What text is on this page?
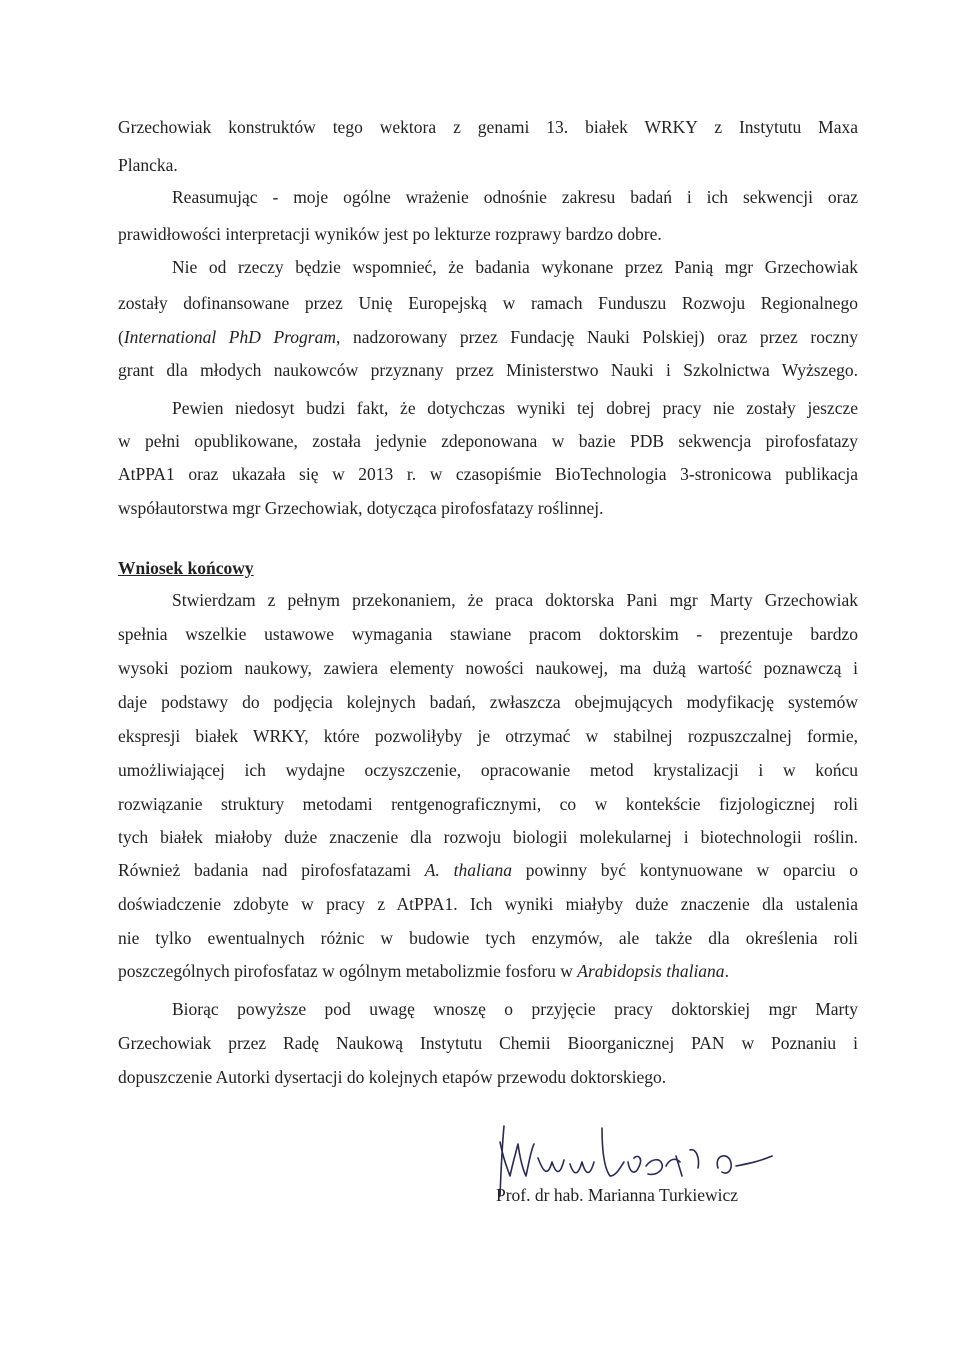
Grzechowiak konstruktów tego wektora z genami 13. białek WRKY z Instytutu Maxa
Plancka.
Reasumując - moje ogólne wrażenie odnośnie zakresu badań i ich sekwencji oraz
prawidłowości interpretacji wyników jest po lekturze rozprawy bardzo dobre.
Nie od rzeczy będzie wspomnieć, że badania wykonane przez Panią mgr Grzechowiak
zostały dofinansowane przez Unię Europejską w ramach Funduszu Rozwoju Regionalnego
(International PhD Program, nadzorowany przez Fundację Nauki Polskiej) oraz przez roczny
grant dla młodych naukowców przyznany przez Ministerstwo Nauki i Szkolnictwa Wyższego.
Pewien niedosyt budzi fakt, że dotychczas wyniki tej dobrej pracy nie zostały jeszcze
w pełni opublikowane, została jedynie zdeponowana w bazie PDB sekwencja pirofosfatazy
AtPPA1 oraz ukazała się w 2013 r. w czasopiśmie BioTechnologia 3-stronicowa publikacja
współautorstwa mgr Grzechowiak, dotycząca pirofosfatazy roślinnej.
Wniosek końcowy
Stwierdzam z pełnym przekonaniem, że praca doktorska Pani mgr Marty Grzechowiak
spełnia wszelkie ustawowe wymagania stawiane pracom doktorskim - prezentuje bardzo
wysoki poziom naukowy, zawiera elementy nowości naukowej, ma dużą wartość poznawczą i
daje podstawy do podjęcia kolejnych badań, zwłaszcza obejmujących modyfikację systemów
ekspresji białek WRKY, które pozwoliłyby je otrzymać w stabilnej rozpuszczalnej formie,
umożliwiającej ich wydajne oczyszczenie, opracowanie metod krystalizacji i w końcu
rozwiązanie struktury metodami rentgenograficznymi, co w kontekście fizjologicznej roli
tych białek miałoby duże znaczenie dla rozwoju biologii molekularnej i biotechnologii roślin.
Również badania nad pirofosfatazami A. thaliana powinny być kontynuowane w oparciu o
doświadczenie zdobyte w pracy z AtPPA1. Ich wyniki miałyby duże znaczenie dla ustalenia
nie tylko ewentualnych różnic w budowie tych enzymów, ale także dla określenia roli
poszczególnych pirofosfataz w ogólnym metabolizmie fosforu w Arabidopsis thaliana.
Biorąc powyższe pod uwagę wnoszę o przyjęcie pracy doktorskiej mgr Marty
Grzechowiak przez Radę Naukową Instytutu Chemii Bioorganicznej PAN w Poznaniu i
dopuszczenie Autorki dysertacji do kolejnych etapów przewodu doktorskiego.
Prof. dr hab. Marianna Turkiewicz
